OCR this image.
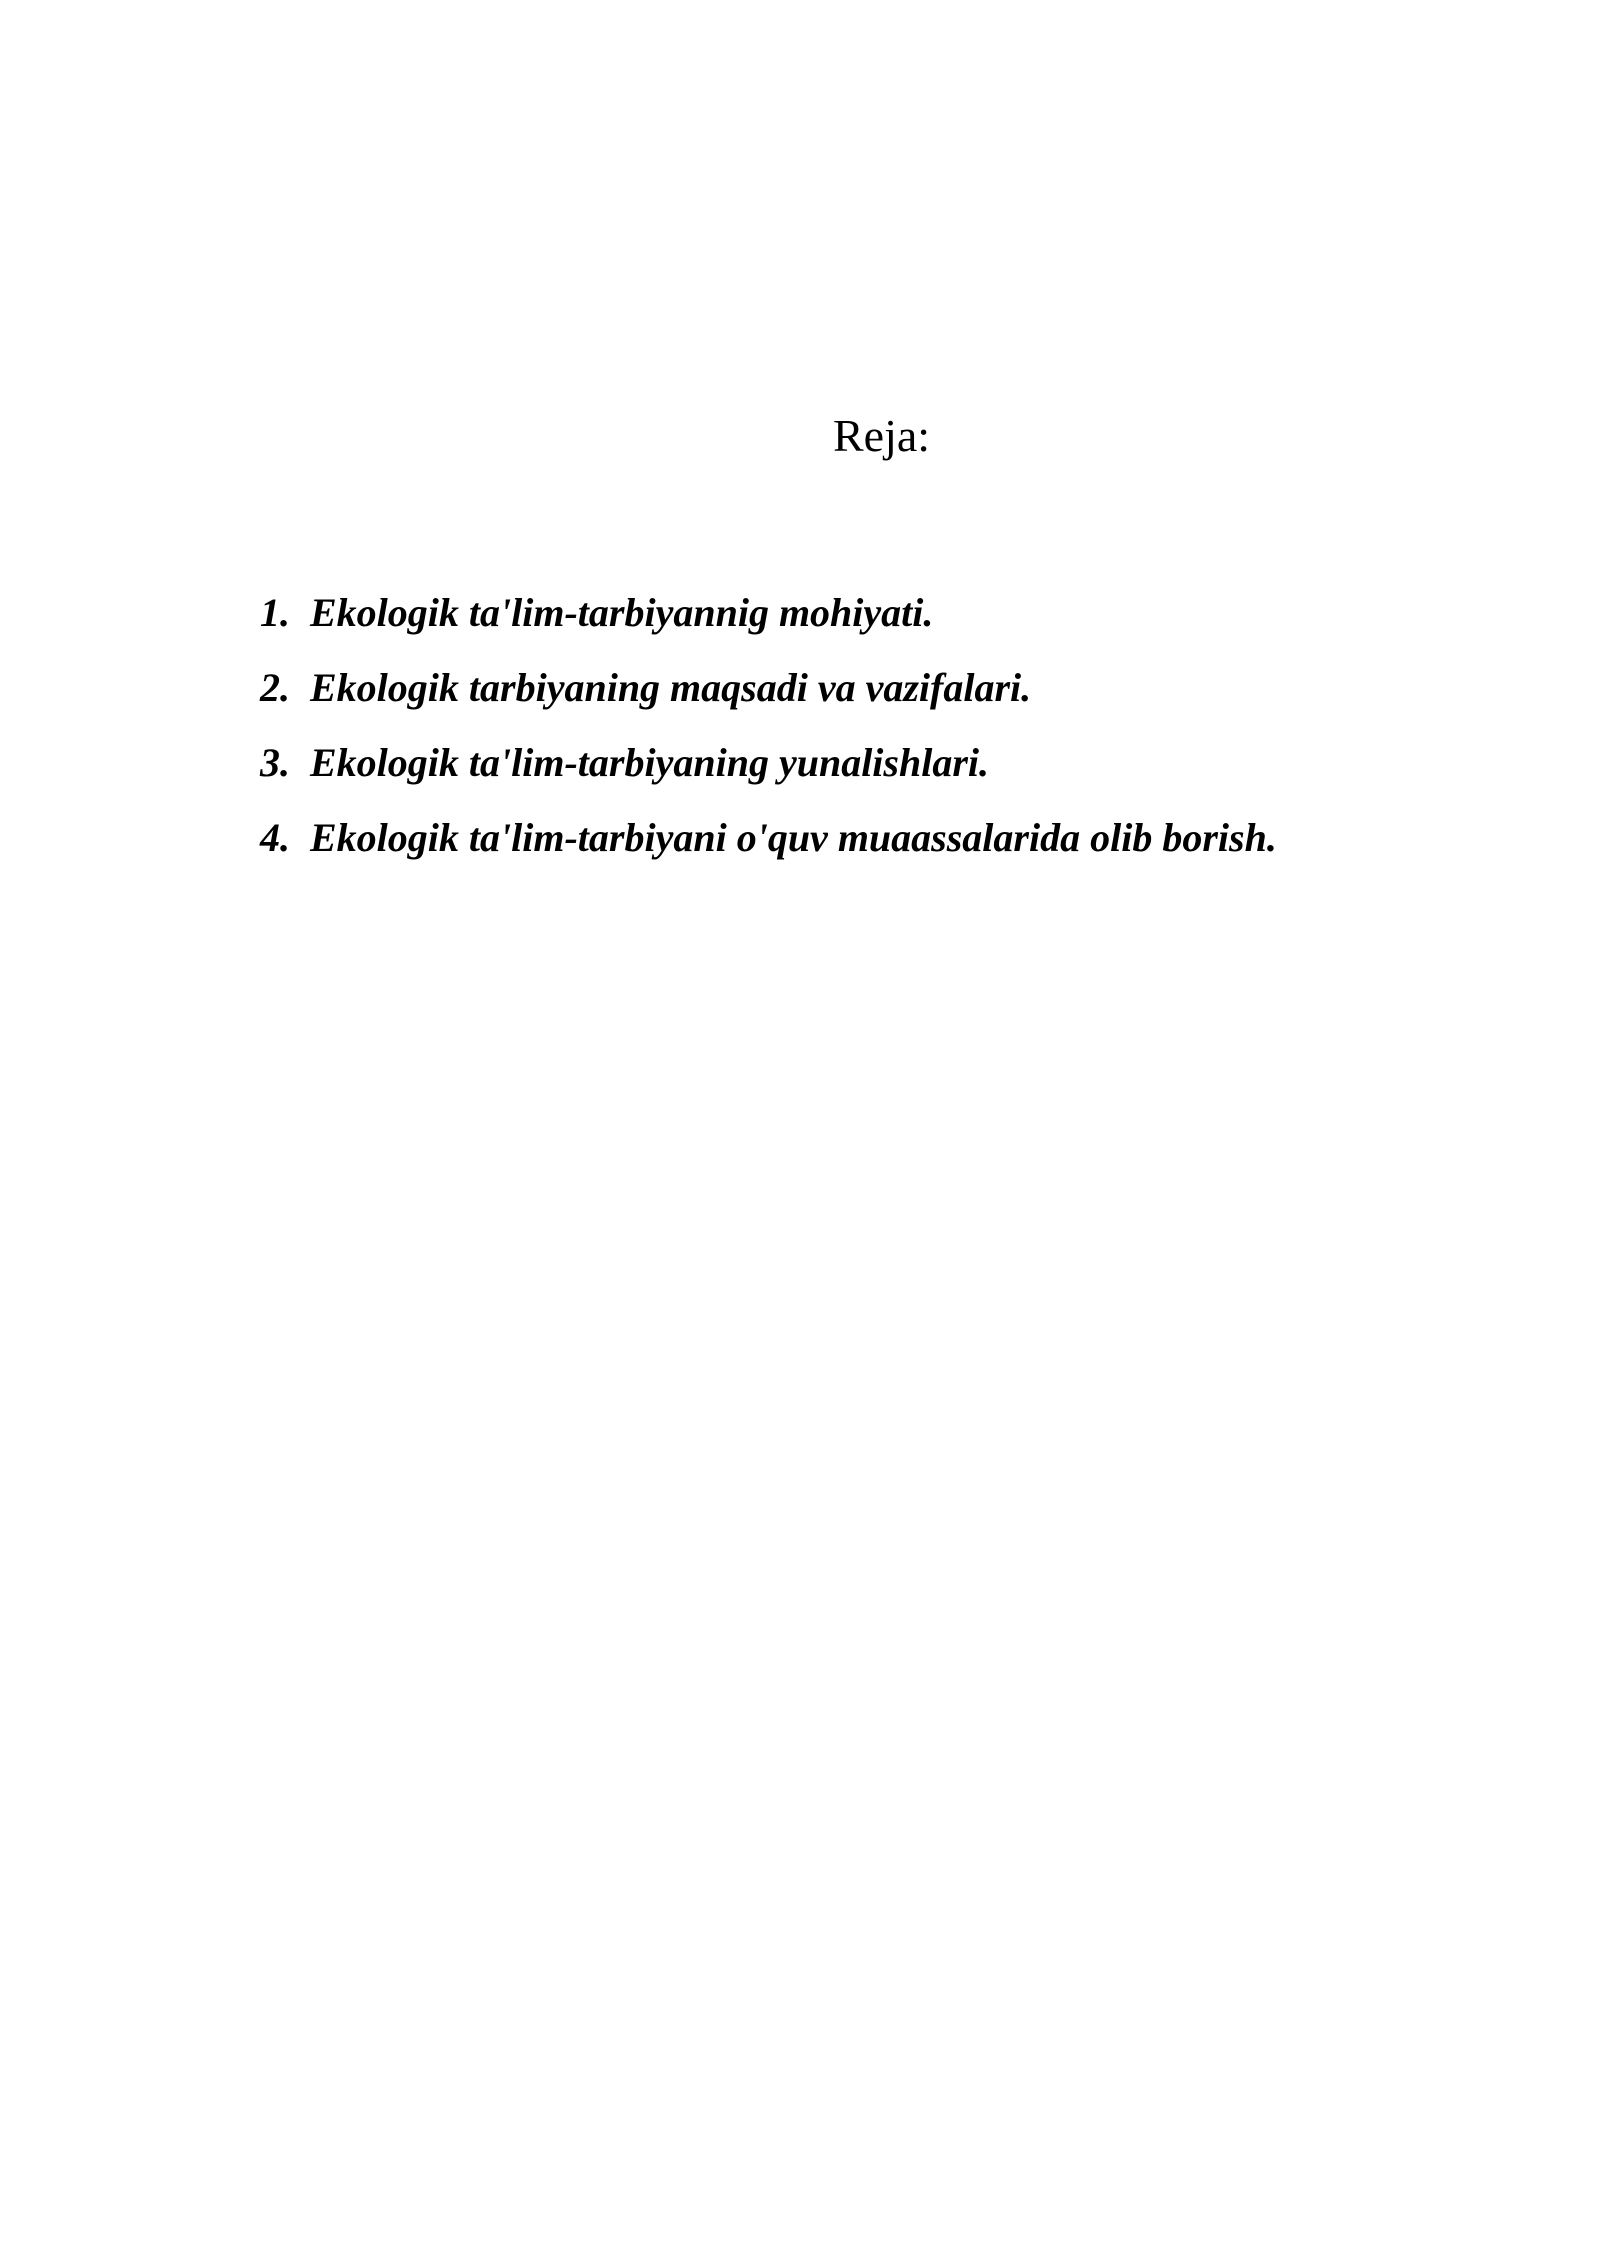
Reja:
1. Ekologik ta'lim-tarbiyannig mohiyati.
2. Ekologik tarbiyaning maqsadi va vazifalari.
3. Ekologik ta'lim-tarbiyaning yunalishlari.
4. Ekologik ta'lim-tarbiyani o'quv muaassalarida olib borish.
